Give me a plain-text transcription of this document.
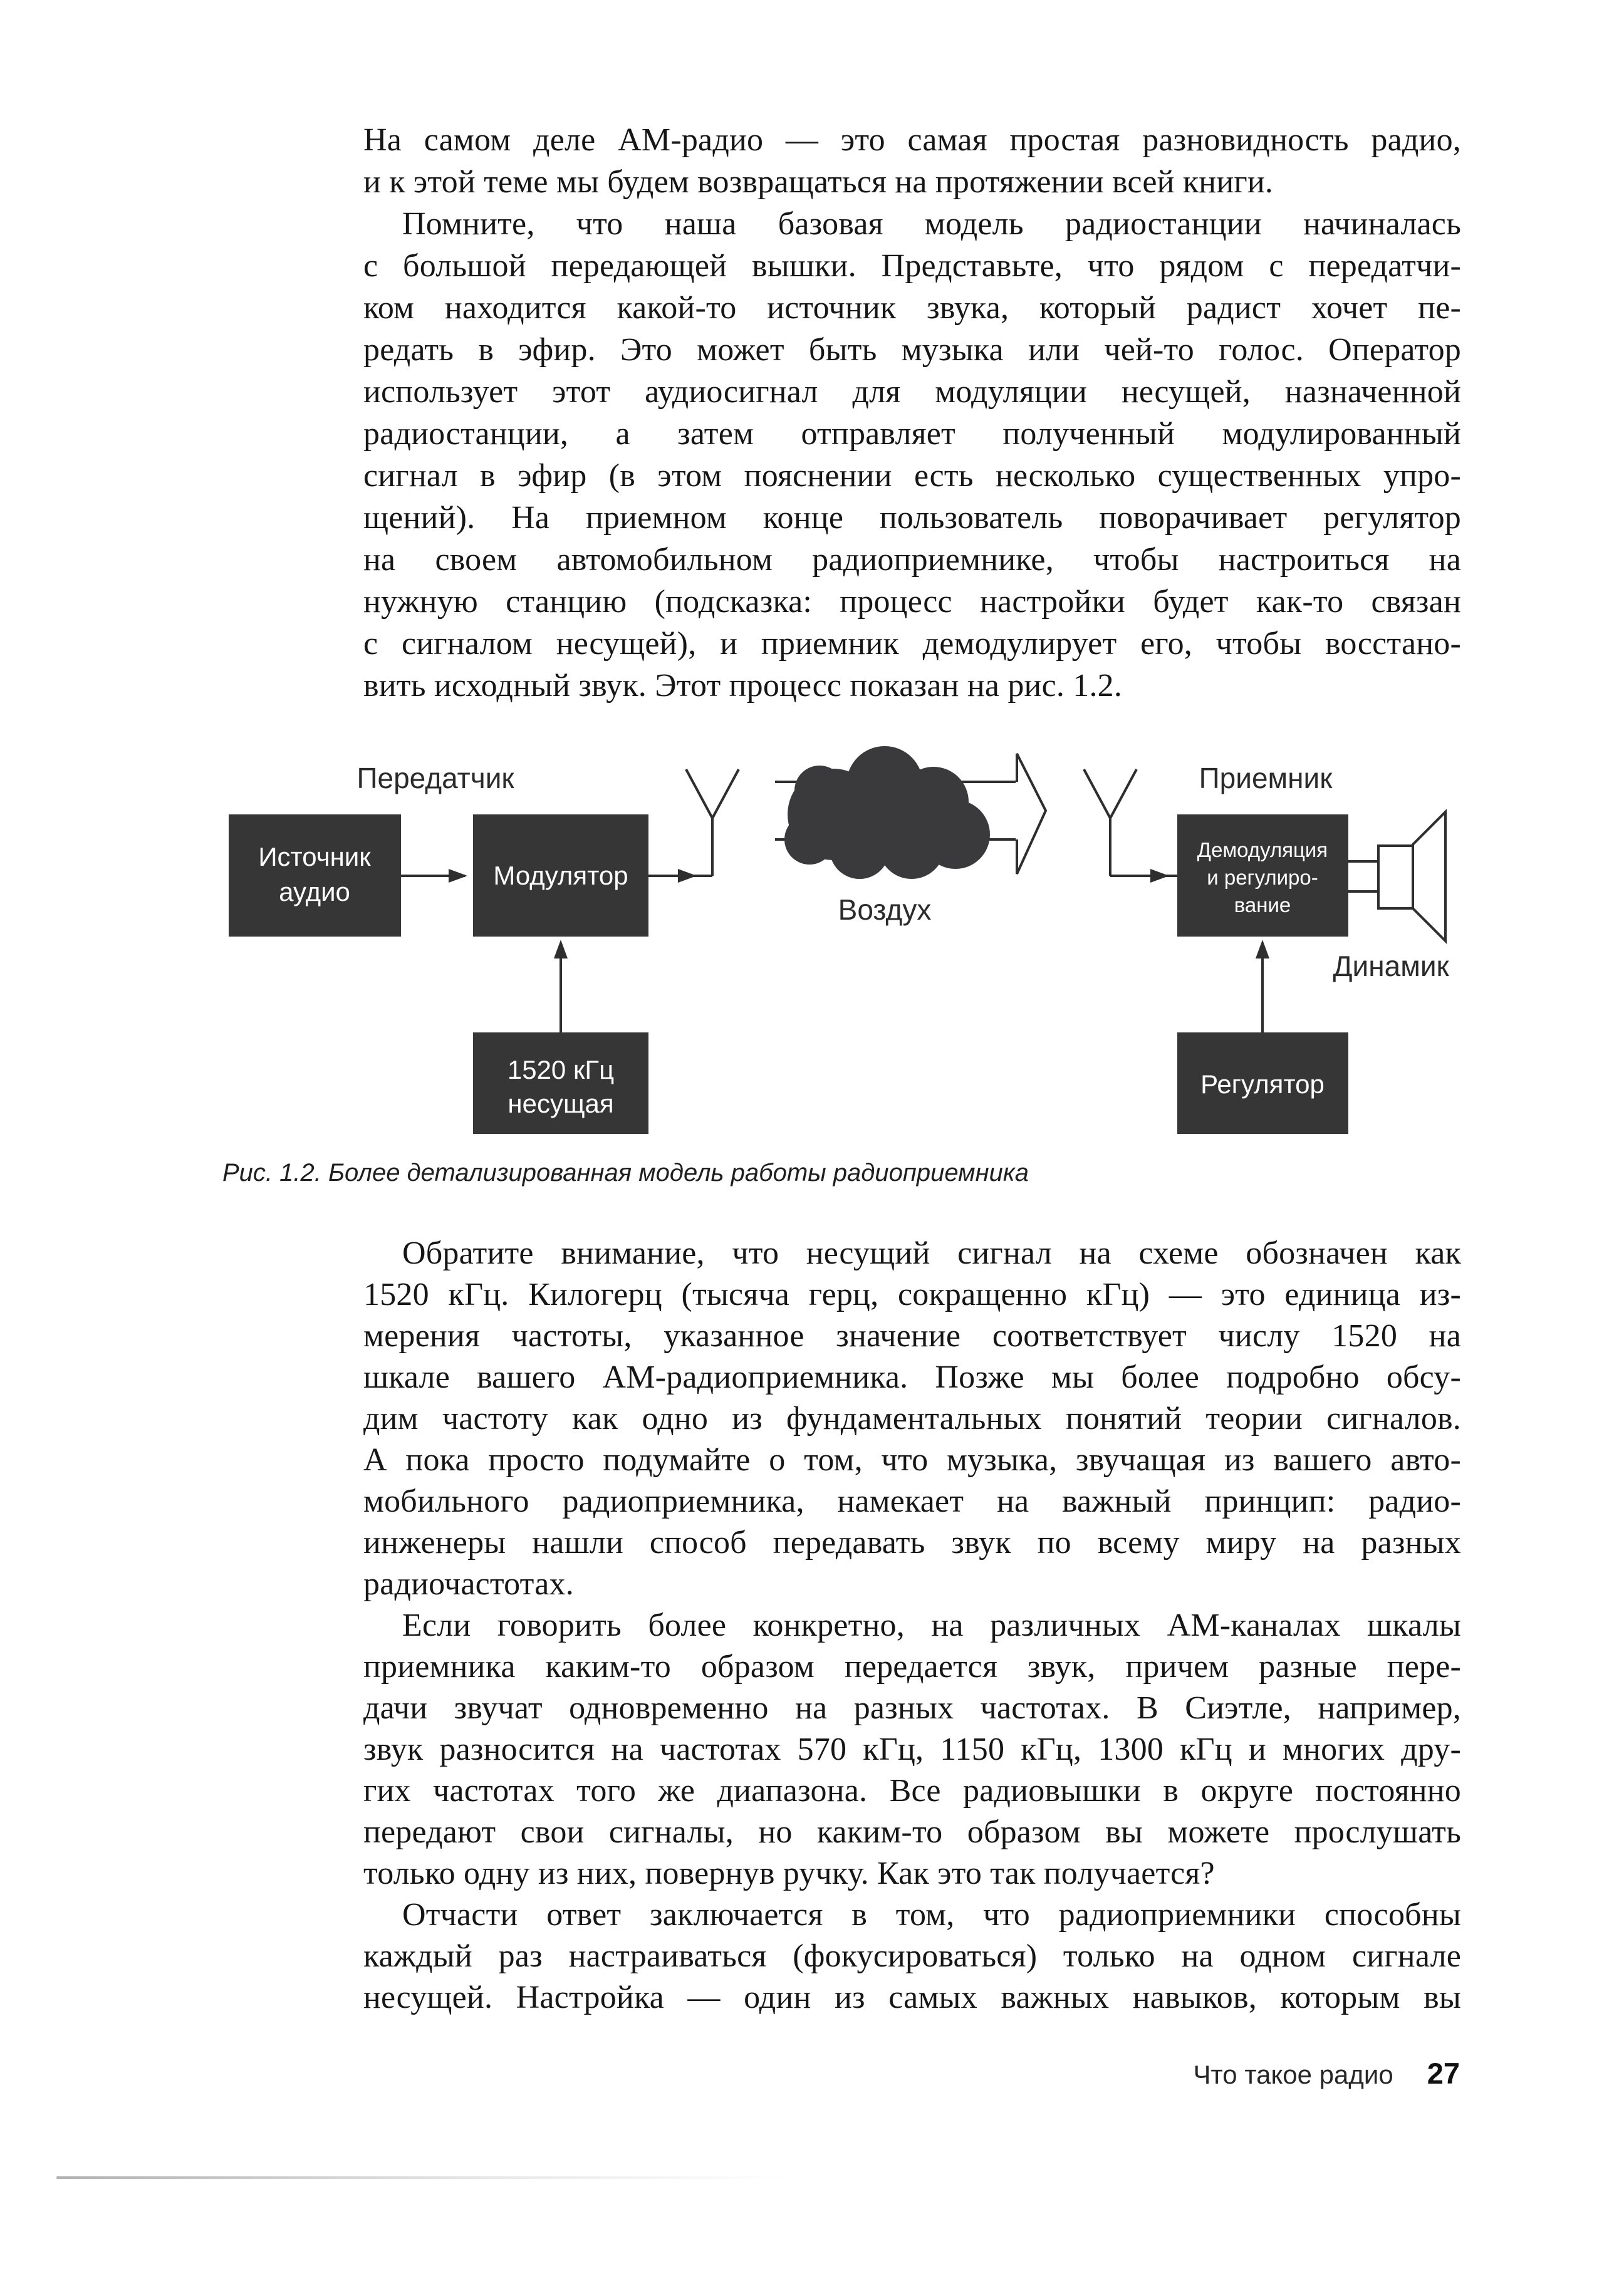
На самом деле AM-радио — это самая простая разновидность радио,
и к этой теме мы будем возвращаться на протяжении всей книги.
Помните, что наша базовая модель радиостанции начиналась
с большой передающей вышки. Представьте, что рядом с передатчи-
ком находится какой-то источник звука, который радист хочет пе-
редать в эфир. Это может быть музыка или чей-то голос. Оператор
использует этот аудиосигнал для модуляции несущей, назначенной
радиостанции, а затем отправляет полученный модулированный
сигнал в эфир (в этом пояснении есть несколько существенных упро-
щений). На приемном конце пользователь поворачивает регулятор
на своем автомобильном радиоприемнике, чтобы настроиться на
нужную станцию (подсказка: процесс настройки будет как-то связан
с сигналом несущей), и приемник демодулирует его, чтобы восстано-
вить исходный звук. Этот процесс показан на рис. 1.2.
Передатчик	Приемник
Воздух
Источник
аудио
Модулятор
1520 кГц
несущая
Демодуляция
и регулиро-
вание
Динамик
Регулятор
Рис. 1.2. Более детализированная модель работы радиоприемника
Обратите внимание, что несущий сигнал на схеме обозначен как
1520 кГц. Килогерц (тысяча герц, сокращенно кГц) — это единица из-
мерения частоты, указанное значение соответствует числу 1520 на
шкале вашего AM-радиоприемника. Позже мы более подробно обсу-
дим частоту как одно из фундаментальных понятий теории сигналов.
А пока просто подумайте о том, что музыка, звучащая из вашего авто-
мобильного радиоприемника, намекает на важный принцип: радио-
инженеры нашли способ передавать звук по всему миру на разных
радиочастотах.
Если говорить более конкретно, на различных AM-каналах шкалы
приемника каким-то образом передается звук, причем разные пере-
дачи звучат одновременно на разных частотах. В Сиэтле, например,
звук разносится на частотах 570 кГц, 1150 кГц, 1300 кГц и многих дру-
гих частотах того же диапазона. Все радиовышки в округе постоянно
передают свои сигналы, но каким-то образом вы можете прослушать
только одну из них, повернув ручку. Как это так получается?
Отчасти ответ заключается в том, что радиоприемники способны
каждый раз настраиваться (фокусироваться) только на одном сигнале
несущей. Настройка — один из самых важных навыков, которым вы
Что такое радио 27
